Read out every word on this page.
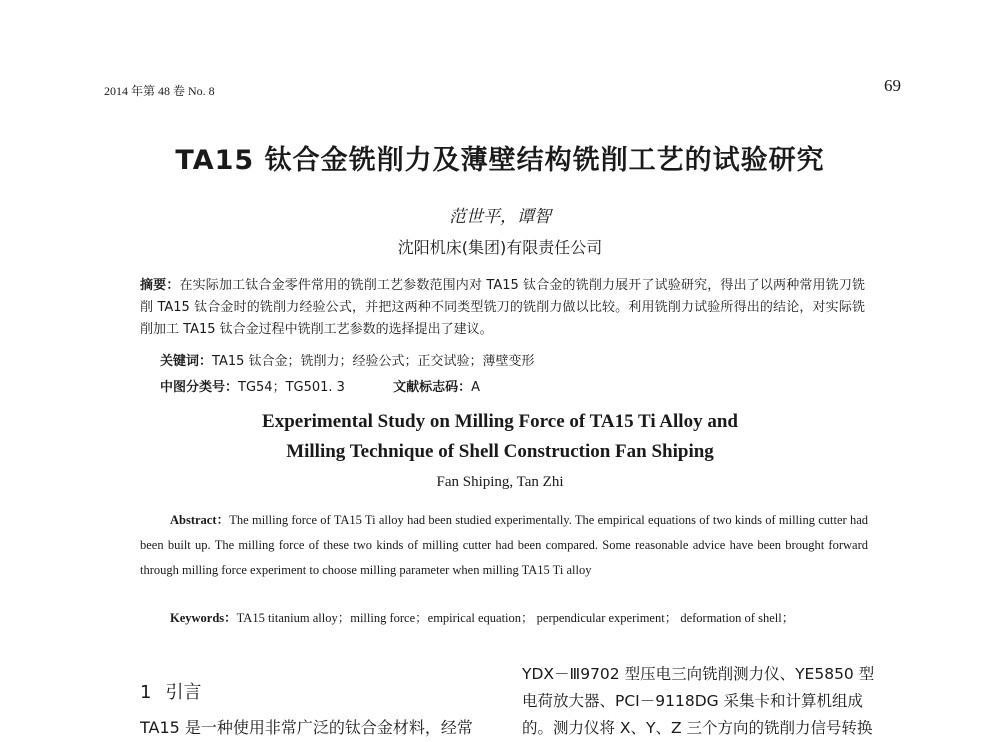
2014 年第 48 卷 No. 8	69
TA15 钛合金铣削力及薄壁结构铣削工艺的试验研究
范世平，谭智
沈阳机床(集团)有限责任公司
摘要：在实际加工钛合金零件常用的铣削工艺参数范围内对 TA15 钛合金的铣削力展开了试验研究，得出了以两种常用铣刀铣削 TA15 钛合金时的铣削力经验公式，并把这两种不同类型铣刀的铣削力做以比较。利用铣削力试验所得出的结论，对实际铣削加工 TA15 钛合金过程中铣削工艺参数的选择提出了建议。
关键词：TA15 钛合金；铣削力；经验公式；正交试验；薄壁变形
中图分类号：TG54；TG501. 3	文献标志码：A
Experimental Study on Milling Force of TA15 Ti Alloy and
Milling Technique of Shell Construction Fan Shiping
Fan Shiping, Tan Zhi
Abstract：The milling force of TA15 Ti alloy had been studied experimentally. The empirical equations of two kinds of milling cutter had been built up. The milling force of these two kinds of milling cutter had been compared. Some reasonable advice have been brought forward through milling force experiment to choose milling parameter when milling TA15 Ti alloy
Keywords：TA15 titanium alloy；milling force；empirical equation； perpendicular experiment； deformation of shell；
1 引言
TA15 是一种使用非常广泛的钛合金材料，经常
YDX－Ⅲ9702 型压电三向铣削测力仪、YE5850 型
电荷放大器、PCI－9118DG 采集卡和计算机组成
的。测力仪将 X、Y、Z 三个方向的铣削力信号转换
